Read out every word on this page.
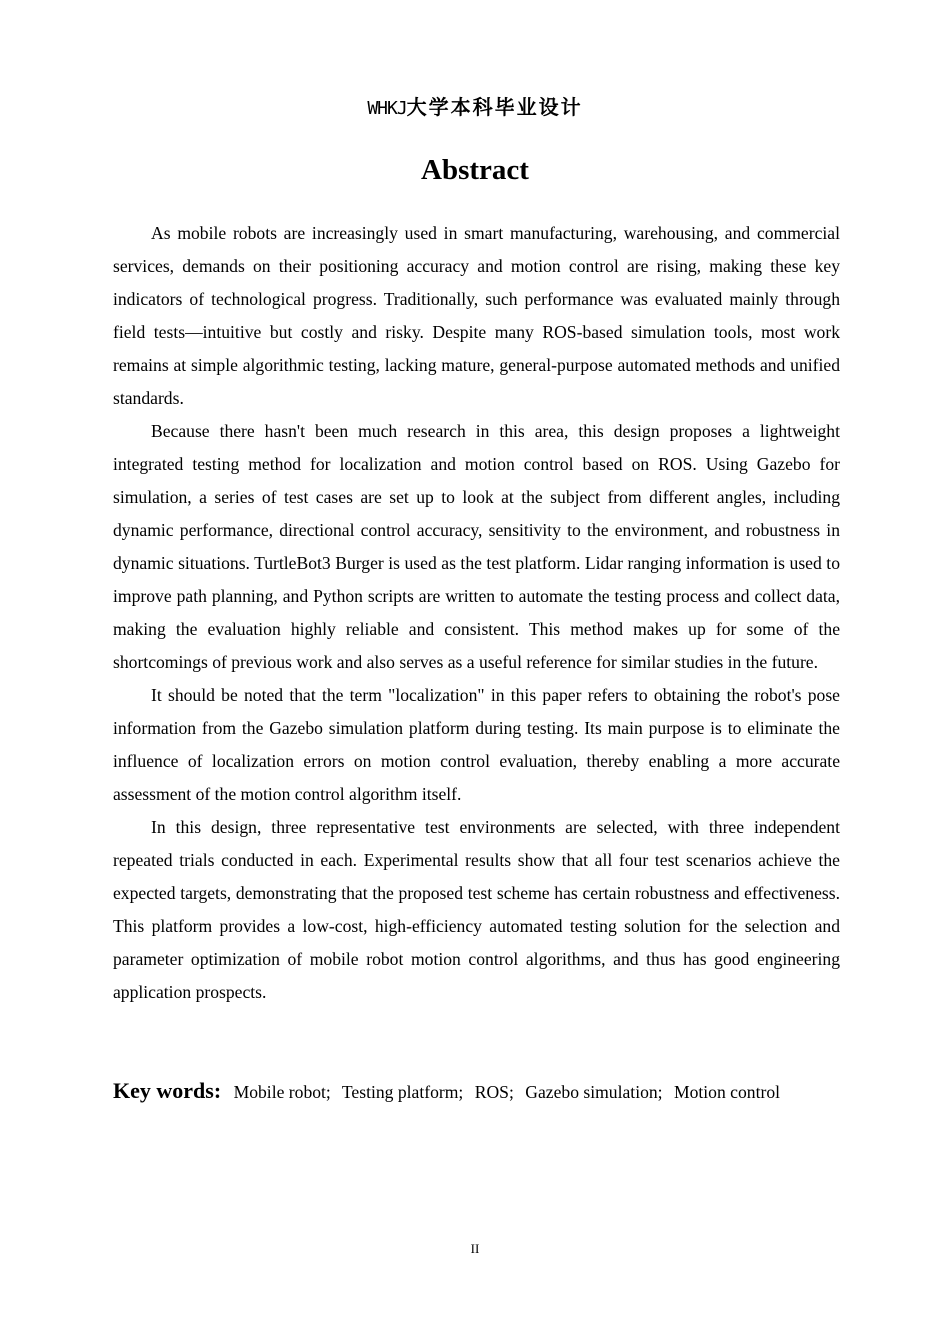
WHKJ大学本科毕业设计
Abstract

As mobile robots are increasingly used in smart manufacturing, warehousing, and commercial services, demands on their positioning accuracy and motion control are rising, making these key indicators of technological progress. Traditionally, such performance was evaluated mainly through field tests—intuitive but costly and risky. Despite many ROS-based simulation tools, most work remains at simple algorithmic testing, lacking mature, general-purpose automated methods and unified standards.

Because there hasn't been much research in this area, this design proposes a lightweight integrated testing method for localization and motion control based on ROS. Using Gazebo for simulation, a series of test cases are set up to look at the subject from different angles, including dynamic performance, directional control accuracy, sensitivity to the environment, and robustness in dynamic situations. TurtleBot3 Burger is used as the test platform. Lidar ranging information is used to improve path planning, and Python scripts are written to automate the testing process and collect data, making the evaluation highly reliable and consistent. This method makes up for some of the shortcomings of previous work and also serves as a useful reference for similar studies in the future.

It should be noted that the term "localization" in this paper refers to obtaining the robot's pose information from the Gazebo simulation platform during testing. Its main purpose is to eliminate the influence of localization errors on motion control evaluation, thereby enabling a more accurate assessment of the motion control algorithm itself.

In this design, three representative test environments are selected, with three independent repeated trials conducted in each. Experimental results show that all four test scenarios achieve the expected targets, demonstrating that the proposed test scheme has certain robustness and effectiveness. This platform provides a low-cost, high-efficiency automated testing solution for the selection and parameter optimization of mobile robot motion control algorithms, and thus has good engineering application prospects.

Key words: Mobile robot; Testing platform; ROS; Gazebo simulation; Motion control
II
